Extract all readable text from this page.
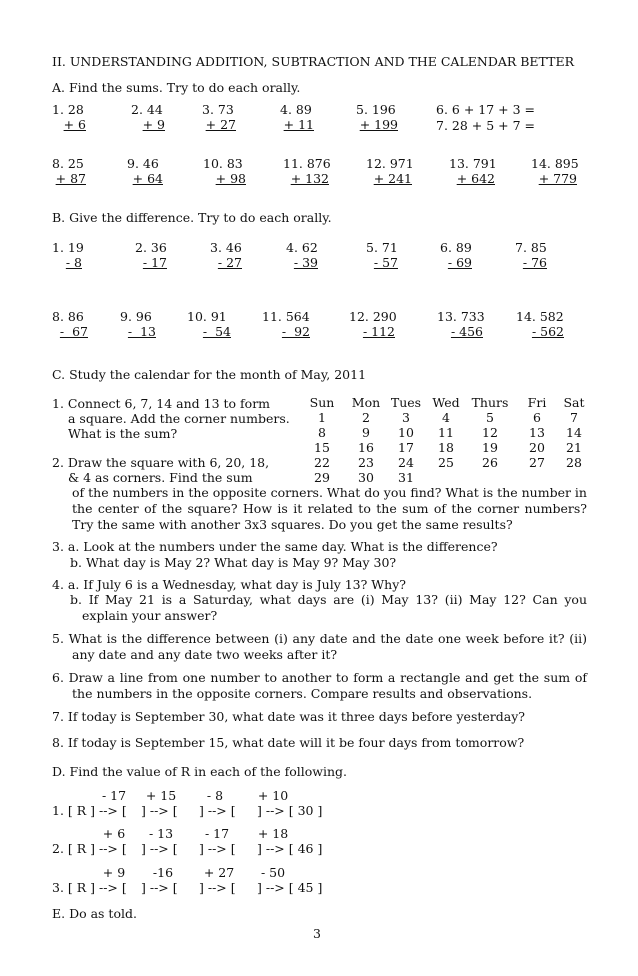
II. UNDERSTANDING ADDITION, SUBTRACTION AND THE CALENDAR BETTER
A. Find the sums. Try to do each orally.
1. 28
+ 6
2. 44
+ 9
3. 73
+ 27
4. 89
+ 11
5. 196
+ 199
6. 6 + 17 + 3 =
7. 28 + 5 + 7 =
8. 25
+ 87
9. 46
+ 64
10. 83
+ 98
11. 876
+ 132
12. 971
+ 241
13. 791
+ 642
14. 895
+ 779
B. Give the difference. Try to do each orally.
1. 19
- 8
2. 36
- 17
3. 46
- 27
4. 62
- 39
5. 71
- 57
6. 89
- 69
7. 85
- 76
8. 86
-  67
9. 96
-  13
10. 91
-  54
11. 564
-  92
12. 290
- 112
13. 733
- 456
14. 582
- 562
C. Study the calendar for the month of May, 2011
1. Connect 6, 7, 14 and 13 to form
a square. Add the corner numbers.
What is the sum?
2. Draw the square with 6, 20, 18,
& 4 as corners. Find the sum
Sun	Mon Tues Wed Thurs	Fri	Sat
1	2	3	4	5	6	7
8	9	10	11	12	13	14
15	16	17	18	19	20	21
22	23	24	25	26	27	28
29	30	31
of the numbers in the opposite corners. What do you find? What is the number in the center of the square? How is it related to the sum of the corner numbers? Try the same with another 3x3 squares. Do you get the same results?
3. a. Look at the numbers under the same day. What is the difference?
b. What day is May 2? What day is May 9? May 30?
4. a. If July 6 is a Wednesday, what day is July 13? Why?
b. If May 21 is a Saturday, what days are (i) May 13? (ii) May 12? Can you explain your answer?
5. What is the difference between (i) any date and the date one week before it? (ii) any date and any date two weeks after it?
6. Draw a line from one number to another to form a rectangle and get the sum of the numbers in the opposite corners. Compare results and observations.
7. If today is September 30, what date was it three days before yesterday?
8. If today is September 15, what date will it be four days from tomorrow?
D. Find the value of R in each of the following.
- 17	+ 15	- 8	+ 10
1. [ R ] --> [ ] --> [ ] --> [ ] --> [ 30 ]
+ 6	- 13	- 17	+ 18
2. [ R ] --> [ ] --> [ ] --> [ ] --> [ 46 ]
+ 9	-16	+ 27	- 50
3. [ R ] --> [ ] --> [ ] --> [ ] --> [ 45 ]
E. Do as told.
3
